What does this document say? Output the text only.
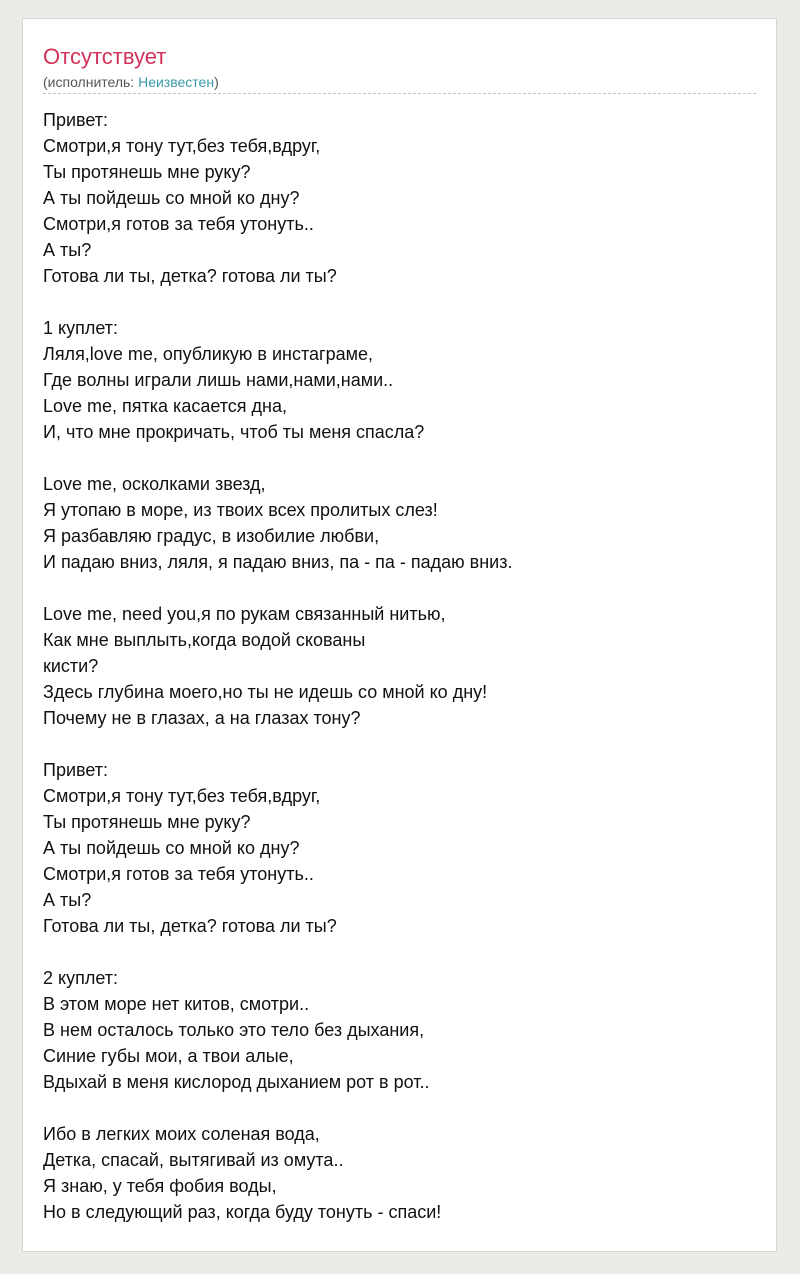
Отсутствует
(исполнитель: Неизвестен)
Привет:
Смотри,я тону тут,без тебя,вдруг,
Ты протянешь мне руку?
А ты пойдешь со мной ко дну?
Смотри,я готов за тебя утонуть..
А ты?
Готова ли ты, детка? готова ли ты?
1 куплет:
Ляля,love me, опубликую в инстаграме,
Где волны играли лишь нами,нами,нами..
Love me, пятка касается дна,
И, что мне прокричать, чтоб ты меня спасла?
Love me, осколками звезд,
Я утопаю в море, из твоих всех пролитых слез!
Я разбавляю градус, в изобилие любви,
И падаю вниз, ляля, я падаю вниз, па - па - падаю вниз.
Love me, need you,я по рукам связанный нитью,
Как мне выплыть,когда водой скованы
кисти?
Здесь глубина моего,но ты не идешь со мной ко дну!
Почему не в глазах, а на глазах тону?
Привет:
Смотри,я тону тут,без тебя,вдруг,
Ты протянешь мне руку?
А ты пойдешь со мной ко дну?
Смотри,я готов за тебя утонуть..
А ты?
Готова ли ты, детка? готова ли ты?
2 куплет:
В этом море нет китов, смотри..
В нем осталось только это тело без дыхания,
Синие губы мои, а твои алые,
Вдыхай в меня кислород дыханием рот в рот..
Ибо в легких моих соленая вода,
Детка, спасай, вытягивай из омута..
Я знаю, у тебя фобия воды,
Но в следующий раз, когда буду тонуть - спаси!
